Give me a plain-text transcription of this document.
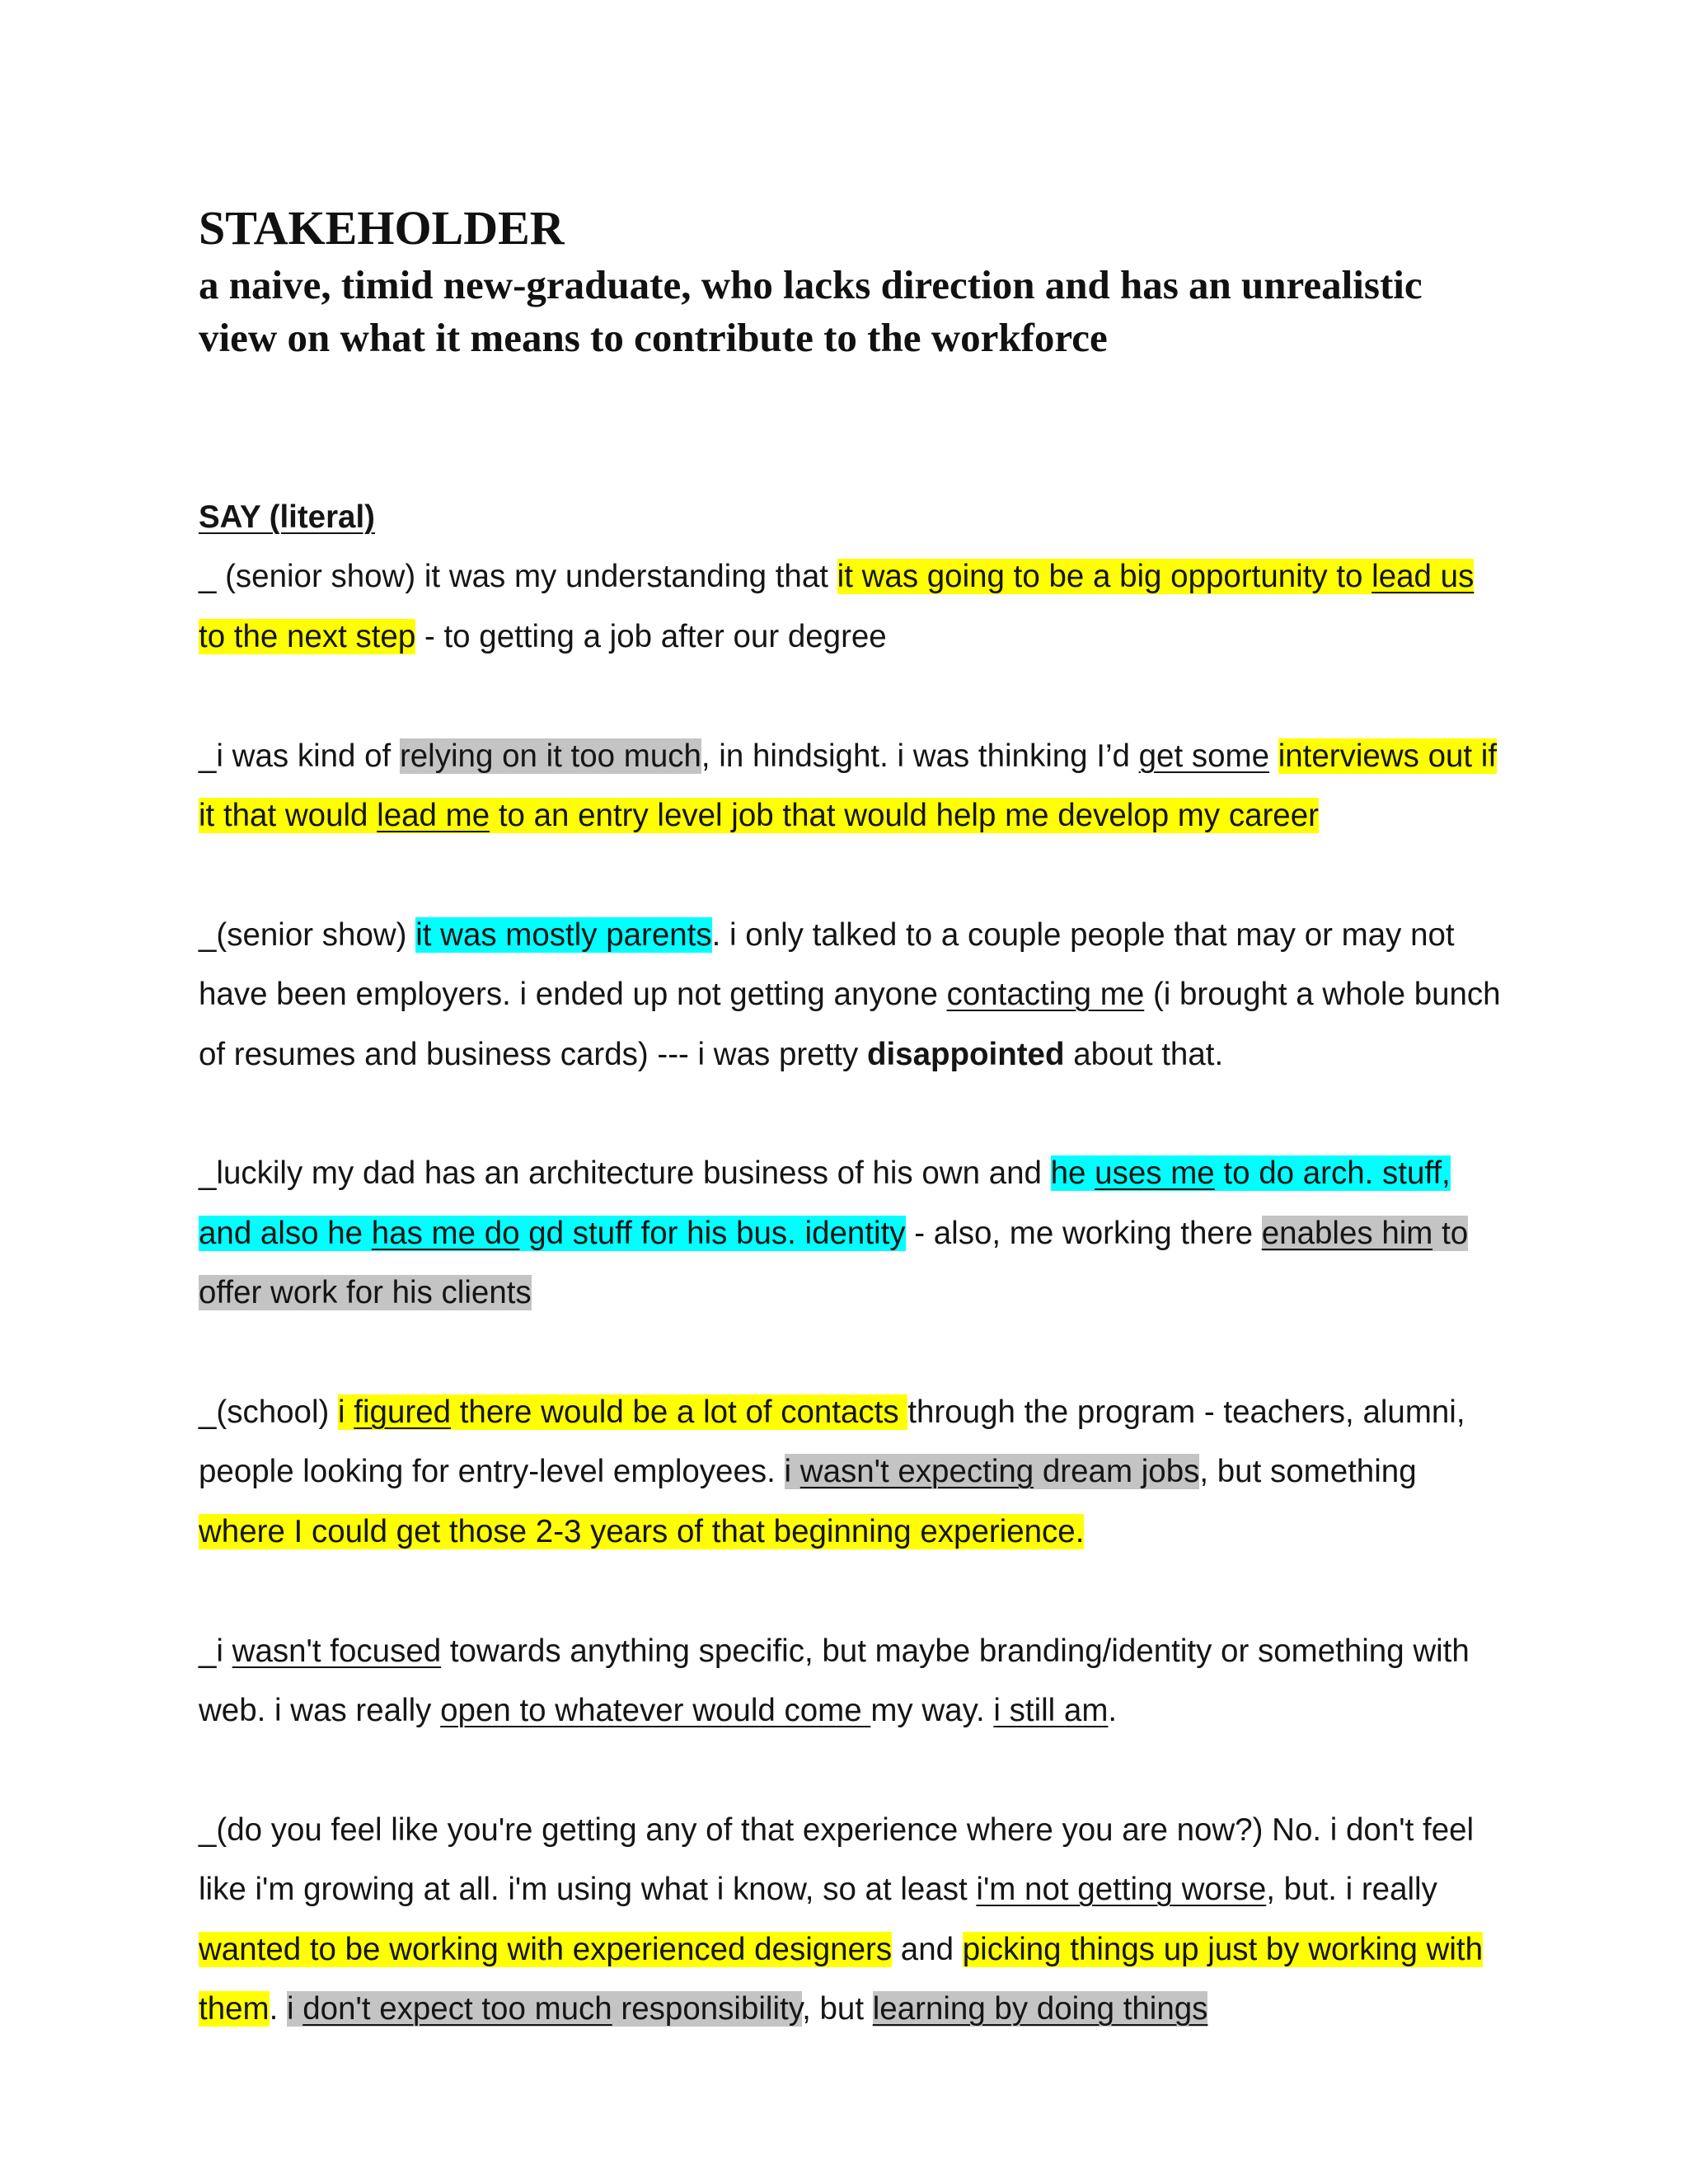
STAKEHOLDER
a naive, timid new-graduate, who lacks direction and has an unrealistic view on what it means to contribute to the workforce
SAY (literal)

_ (senior show) it was my understanding that it was going to be a big opportunity to lead us to the next step - to getting a job after our degree

_i was kind of relying on it too much, in hindsight. i was thinking I’d get some interviews out if it that would lead me to an entry level job that would help me develop my career

_(senior show) it was mostly parents. i only talked to a couple people that may or may not have been employers. i ended up not getting anyone contacting me (i brought a whole bunch of resumes and business cards) --- i was pretty disappointed about that.

_luckily my dad has an architecture business of his own and he uses me to do arch. stuff, and also he has me do gd stuff for his bus. identity - also, me working there enables him to offer work for his clients

_(school) i figured there would be a lot of contacts through the program - teachers, alumni, people looking for entry-level employees. i wasn't expecting dream jobs, but something where I could get those 2-3 years of that beginning experience.

_i wasn't focused towards anything specific, but maybe branding/identity or something with web. i was really open to whatever would come my way. i still am.

_(do you feel like you're getting any of that experience where you are now?) No. i don't feel like i'm growing at all. i'm using what i know, so at least i'm not getting worse, but. i really wanted to be working with experienced designers and picking things up just by working with them. i don't expect too much responsibility, but learning by doing things
